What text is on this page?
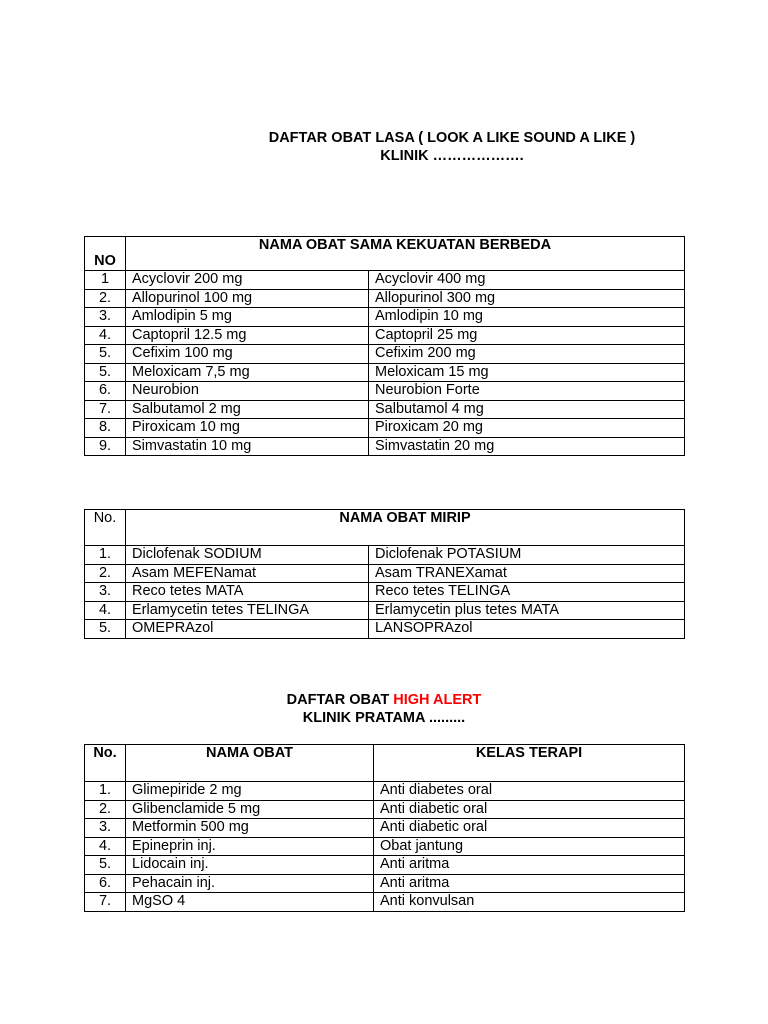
DAFTAR OBAT LASA ( LOOK A LIKE SOUND A LIKE )
KLINIK ……………….
NO	NAMA OBAT SAMA KEKUATAN BERBEDA	
1	Acyclovir 200 mg	Acyclovir 400 mg
2.	Allopurinol 100 mg	Allopurinol 300 mg
3.	Amlodipin 5 mg	Amlodipin 10 mg
4.	Captopril 12.5 mg	Captopril 25 mg
5.	Cefixim 100 mg	Cefixim 200 mg
5.	Meloxicam 7,5 mg	Meloxicam 15 mg
6.	Neurobion	Neurobion Forte
7.	Salbutamol 2 mg	Salbutamol 4 mg
8.	Piroxicam 10 mg	Piroxicam 20 mg
9.	Simvastatin 10 mg	Simvastatin 20 mg
No.	NAMA OBAT MIRIP	
1.	Diclofenak SODIUM	Diclofenak POTASIUM
2.	Asam MEFENamat	Asam TRANEXamat
3.	Reco tetes MATA	Reco tetes TELINGA
4.	Erlamycetin tetes TELINGA	Erlamycetin plus tetes MATA
5.	OMEPRAzol	LANSOPRAzol
DAFTAR OBAT HIGH ALERT
KLINIK PRATAMA .........
No.	NAMA OBAT	KELAS TERAPI
1.	Glimepiride 2 mg	Anti diabetes oral
2.	Glibenclamide 5 mg	Anti diabetic oral
3.	Metformin 500 mg	Anti diabetic oral
4.	Epineprin inj.	Obat jantung
5.	Lidocain inj.	Anti aritma
6.	Pehacain inj.	Anti aritma
7.	MgSO 4	Anti konvulsan
